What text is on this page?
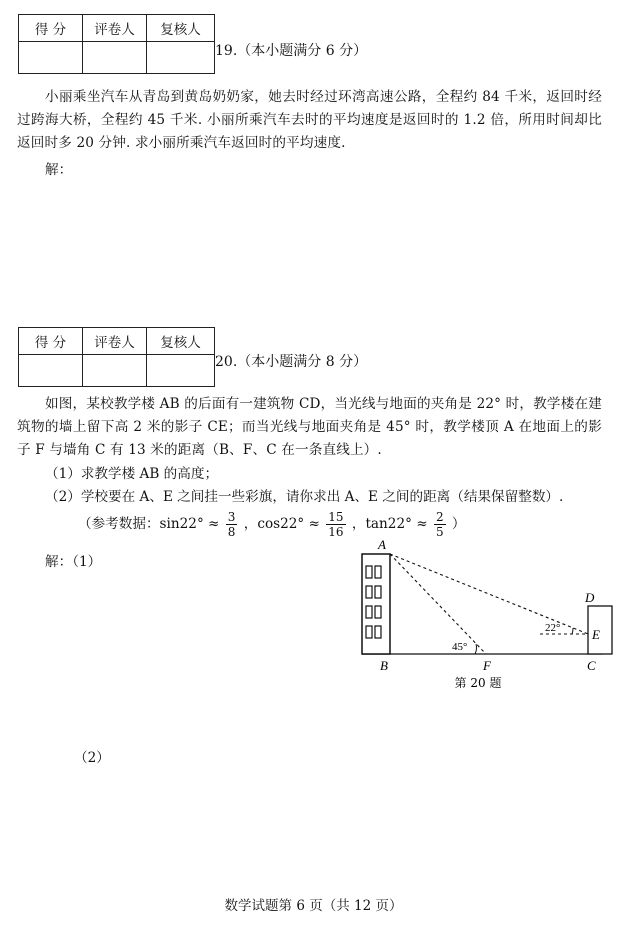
得 分	评卷人	复核人

19.（本小题满分 6 分）
小丽乘坐汽车从青岛到黄岛奶奶家，她去时经过环湾高速公路，全程约 84 千米，返回时经过跨海大桥，全程约 45 千米. 小丽所乘汽车去时的平均速度是返回时的 1.2 倍，所用时间却比返回时多 20 分钟. 求小丽所乘汽车返回时的平均速度.
解：
得 分	评卷人	复核人

20.（本小题满分 8 分）
如图，某校教学楼 AB 的后面有一建筑物 CD，当光线与地面的夹角是 22° 时，教学楼在建筑物的墙上留下高 2 米的影子 CE；而当光线与地面夹角是 45° 时，教学楼顶 A 在地面上的影子 F 与墙角 C 有 13 米的距离（B、F、C 在一条直线上）.
（1）求教学楼 AB 的高度；
（2）学校要在 A、E 之间挂一些彩旗，请你求出 A、E 之间的距离（结果保留整数）.
（参考数据：$\sin 22^\circ \approx \frac{3}{8}$ ，$\cos 22^\circ \approx \frac{15}{16}$ ，$\tan 22^\circ \approx \frac{2}{5}$ ）
解：（1）
A
B	F	C
D
E
45°
22°
第 20 题
（2）
数学试题第 6 页（共 12 页）
